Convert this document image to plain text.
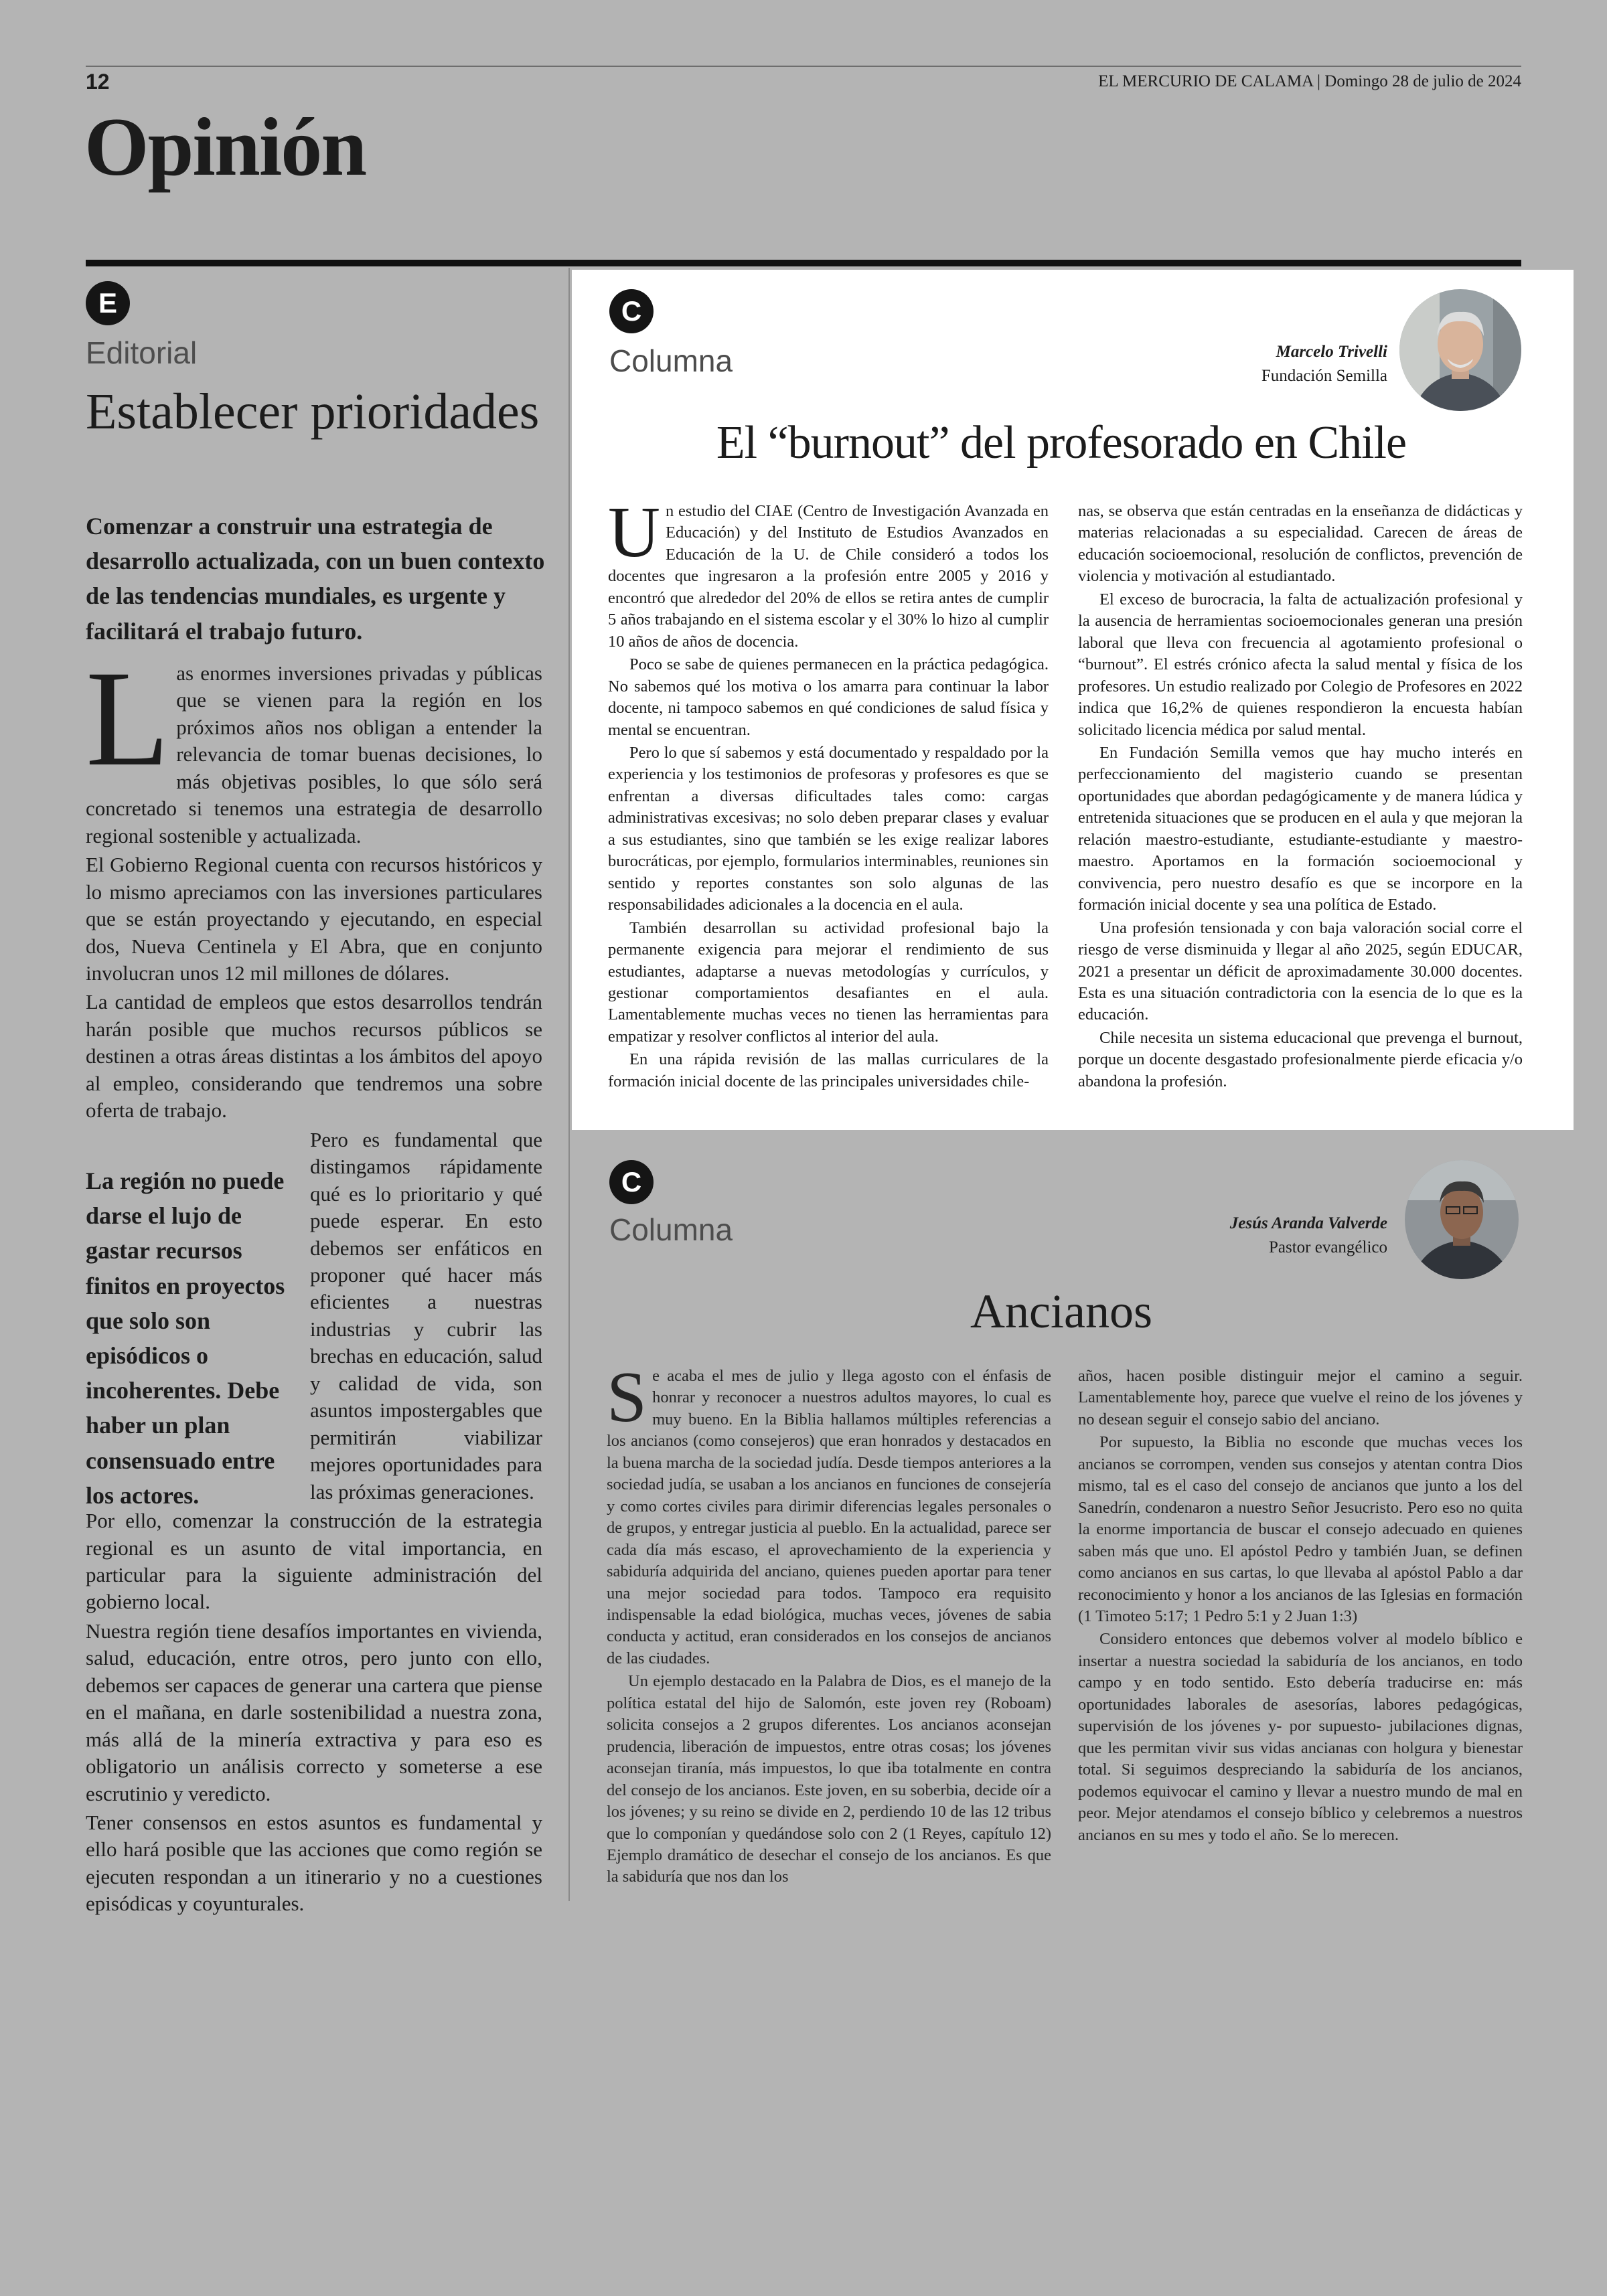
12	EL MERCURIO DE CALAMA | Domingo 28 de julio de 2024
Opinión
E
Editorial
Establecer prioridades
Comenzar a construir una estrategia de desarrollo actualizada, con un buen contexto de las tendencias mundiales, es urgente y facilitará el trabajo futuro.

Las enormes inversiones privadas y públicas que se vienen para la región en los próximos años nos obligan a entender la relevancia de tomar buenas decisiones, lo más objetivas posibles, lo que sólo será concretado si tenemos una estrategia de desarrollo regional sostenible y actualizada.

El Gobierno Regional cuenta con recursos históricos y lo mismo apreciamos con las inversiones particulares que se están proyectando y ejecutando, en especial dos, Nueva Centinela y El Abra, que en conjunto involucran unos 12 mil millones de dólares.

La cantidad de empleos que estos desarrollos tendrán harán posible que muchos recursos públicos se destinen a otras áreas distintas a los ámbitos del apoyo al empleo, considerando que tendremos una sobre oferta de trabajo.

Pero es fundamental que distingamos rápidamente qué es lo prioritario y qué puede esperar. En esto debemos ser enfáticos en proponer qué hacer más eficientes a nuestras industrias y cubrir las brechas en educación, salud y calidad de vida, son asuntos impostergables que permitirán viabilizar mejores oportunidades para las próximas generaciones.

Por ello, comenzar la construcción de la estrategia regional es un asunto de vital importancia, en particular para la siguiente administración del gobierno local.

Nuestra región tiene desafíos importantes en vivienda, salud, educación, entre otros, pero junto con ello, debemos ser capaces de generar una cartera que piense en el mañana, en darle sostenibilidad a nuestra zona, más allá de la minería extractiva y para eso es obligatorio un análisis correcto y someterse a ese escrutinio y veredicto.

Tener consensos en estos asuntos es fundamental y ello hará posible que las acciones que como región se ejecuten respondan a un itinerario y no a cuestiones episódicas y coyunturales.

La región no puede darse el lujo de gastar recursos finitos en proyectos que solo son episódicos o incoherentes. Debe haber un plan consensuado entre los actores.
C
Columna	Marcelo Trivelli
Fundación Semilla
El “burnout” del profesorado en Chile

Un estudio del CIAE (Centro de Investigación Avanzada en Educación) y del Instituto de Estudios Avanzados en Educación de la U. de Chile consideró a todos los docentes que ingresaron a la profesión entre 2005 y 2016 y encontró que alrededor del 20% de ellos se retira antes de cumplir 5 años trabajando en el sistema escolar y el 30% lo hizo al cumplir 10 años de años de docencia.

Poco se sabe de quienes permanecen en la práctica pedagógica. No sabemos qué los motiva o los amarra para continuar la labor docente, ni tampoco sabemos en qué condiciones de salud física y mental se encuentran.

Pero lo que sí sabemos y está documentado y respaldado por la experiencia y los testimonios de profesoras y profesores es que se enfrentan a diversas dificultades tales como: cargas administrativas excesivas; no solo deben preparar clases y evaluar a sus estudiantes, sino que también se les exige realizar labores burocráticas, por ejemplo, formularios interminables, reuniones sin sentido y reportes constantes son solo algunas de las responsabilidades adicionales a la docencia en el aula.

También desarrollan su actividad profesional bajo la permanente exigencia para mejorar el rendimiento de sus estudiantes, adaptarse a nuevas metodologías y currículos, y gestionar comportamientos desafiantes en el aula. Lamentablemente muchas veces no tienen las herramientas para empatizar y resolver conflictos al interior del aula.

En una rápida revisión de las mallas curriculares de la formación inicial docente de las principales universidades chile-

nas, se observa que están centradas en la enseñanza de didácticas y materias relacionadas a su especialidad. Carecen de áreas de educación socioemocional, resolución de conflictos, prevención de violencia y motivación al estudiantado.

El exceso de burocracia, la falta de actualización profesional y la ausencia de herramientas socioemocionales generan una presión laboral que lleva con frecuencia al agotamiento profesional o “burnout”. El estrés crónico afecta la salud mental y física de los profesores. Un estudio realizado por Colegio de Profesores en 2022 indica que 16,2% de quienes respondieron la encuesta habían solicitado licencia médica por salud mental.

En Fundación Semilla vemos que hay mucho interés en perfeccionamiento del magisterio cuando se presentan oportunidades que abordan pedagógicamente y de manera lúdica y entretenida situaciones que se producen en el aula y que mejoran la relación maestro-estudiante, estudiante-estudiante y maestro-maestro. Aportamos en la formación socioemocional y convivencia, pero nuestro desafío es que se incorpore en la formación inicial docente y sea una política de Estado.

Una profesión tensionada y con baja valoración social corre el riesgo de verse disminuida y llegar al año 2025, según EDUCAR, 2021 a presentar un déficit de aproximadamente 30.000 docentes. Esta es una situación contradictoria con la esencia de lo que es la educación.

Chile necesita un sistema educacional que prevenga el burnout, porque un docente desgastado profesionalmente pierde eficacia y/o abandona la profesión.

C
Columna	Jesús Aranda Valverde
Pastor evangélico
Ancianos

Se acaba el mes de julio y llega agosto con el énfasis de honrar y reconocer a nuestros adultos mayores, lo cual es muy bueno. En la Biblia hallamos múltiples referencias a los ancianos (como consejeros) que eran honrados y destacados en la buena marcha de la sociedad judía. Desde tiempos anteriores a la sociedad judía, se usaban a los ancianos en funciones de consejería y como cortes civiles para dirimir diferencias legales personales o de grupos, y entregar justicia al pueblo. En la actualidad, parece ser cada día más escaso, el aprovechamiento de la experiencia y sabiduría adquirida del anciano, quienes pueden aportar para tener una mejor sociedad para todos. Tampoco era requisito indispensable la edad biológica, muchas veces, jóvenes de sabia conducta y actitud, eran considerados en los consejos de ancianos de las ciudades.

Un ejemplo destacado en la Palabra de Dios, es el manejo de la política estatal del hijo de Salomón, este joven rey (Roboam) solicita consejos a 2 grupos diferentes. Los ancianos aconsejan prudencia, liberación de impuestos, entre otras cosas; los jóvenes aconsejan tiranía, más impuestos, lo que iba totalmente en contra del consejo de los ancianos. Este joven, en su soberbia, decide oír a los jóvenes; y su reino se divide en 2, perdiendo 10 de las 12 tribus que lo componían y quedándose solo con 2 (1 Reyes, capítulo 12) Ejemplo dramático de desechar el consejo de los ancianos. Es que la sabiduría que nos dan los

años, hacen posible distinguir mejor el camino a seguir. Lamentablemente hoy, parece que vuelve el reino de los jóvenes y no desean seguir el consejo sabio del anciano.

Por supuesto, la Biblia no esconde que muchas veces los ancianos se corrompen, venden sus consejos y atentan contra Dios mismo, tal es el caso del consejo de ancianos que junto a los del Sanedrín, condenaron a nuestro Señor Jesucristo. Pero eso no quita la enorme importancia de buscar el consejo adecuado en quienes saben más que uno. El apóstol Pedro y también Juan, se definen como ancianos en sus cartas, lo que llevaba al apóstol Pablo a dar reconocimiento y honor a los ancianos de las Iglesias en formación (1 Timoteo 5:17; 1 Pedro 5:1 y 2 Juan 1:3)

Considero entonces que debemos volver al modelo bíblico e insertar a nuestra sociedad la sabiduría de los ancianos, en todo campo y en todo sentido. Esto debería traducirse en: más oportunidades laborales de asesorías, labores pedagógicas, supervisión de los jóvenes y- por supuesto- jubilaciones dignas, que les permitan vivir sus vidas ancianas con holgura y bienestar total. Si seguimos despreciando la sabiduría de los ancianos, podemos equivocar el camino y llevar a nuestro mundo de mal en peor. Mejor atendamos el consejo bíblico y celebremos a nuestros ancianos en su mes y todo el año. Se lo merecen.
